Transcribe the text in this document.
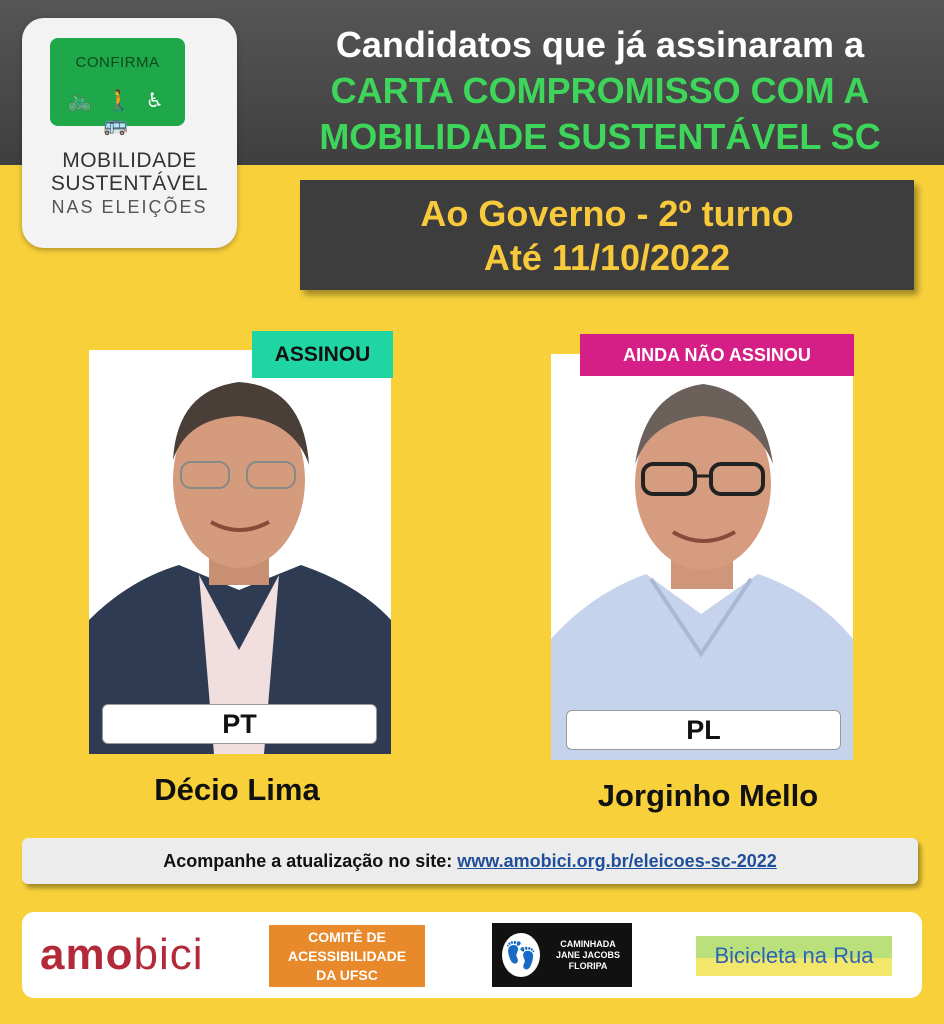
CONFIRMA
🚲 🚶 ♿ 🚌
MOBILIDADE
SUSTENTÁVEL
NAS ELEIÇÕES
Candidatos que já assinaram a
CARTA COMPROMISSO COM A
MOBILIDADE SUSTENTÁVEL SC
Ao Governo - 2º turno
Até 11/10/2022
ASSINOU
PT
Décio Lima
AINDA NÃO ASSINOU
PL
Jorginho Mello
Acompanhe a atualização no site: www.amobici.org.br/eleicoes-sc-2022
amobici	COMITÊ DE
ACESSIBILIDADE
DA UFSC
👣	CAMINHADA
JANE JACOBS
FLORIPA	Bicicleta na Rua
